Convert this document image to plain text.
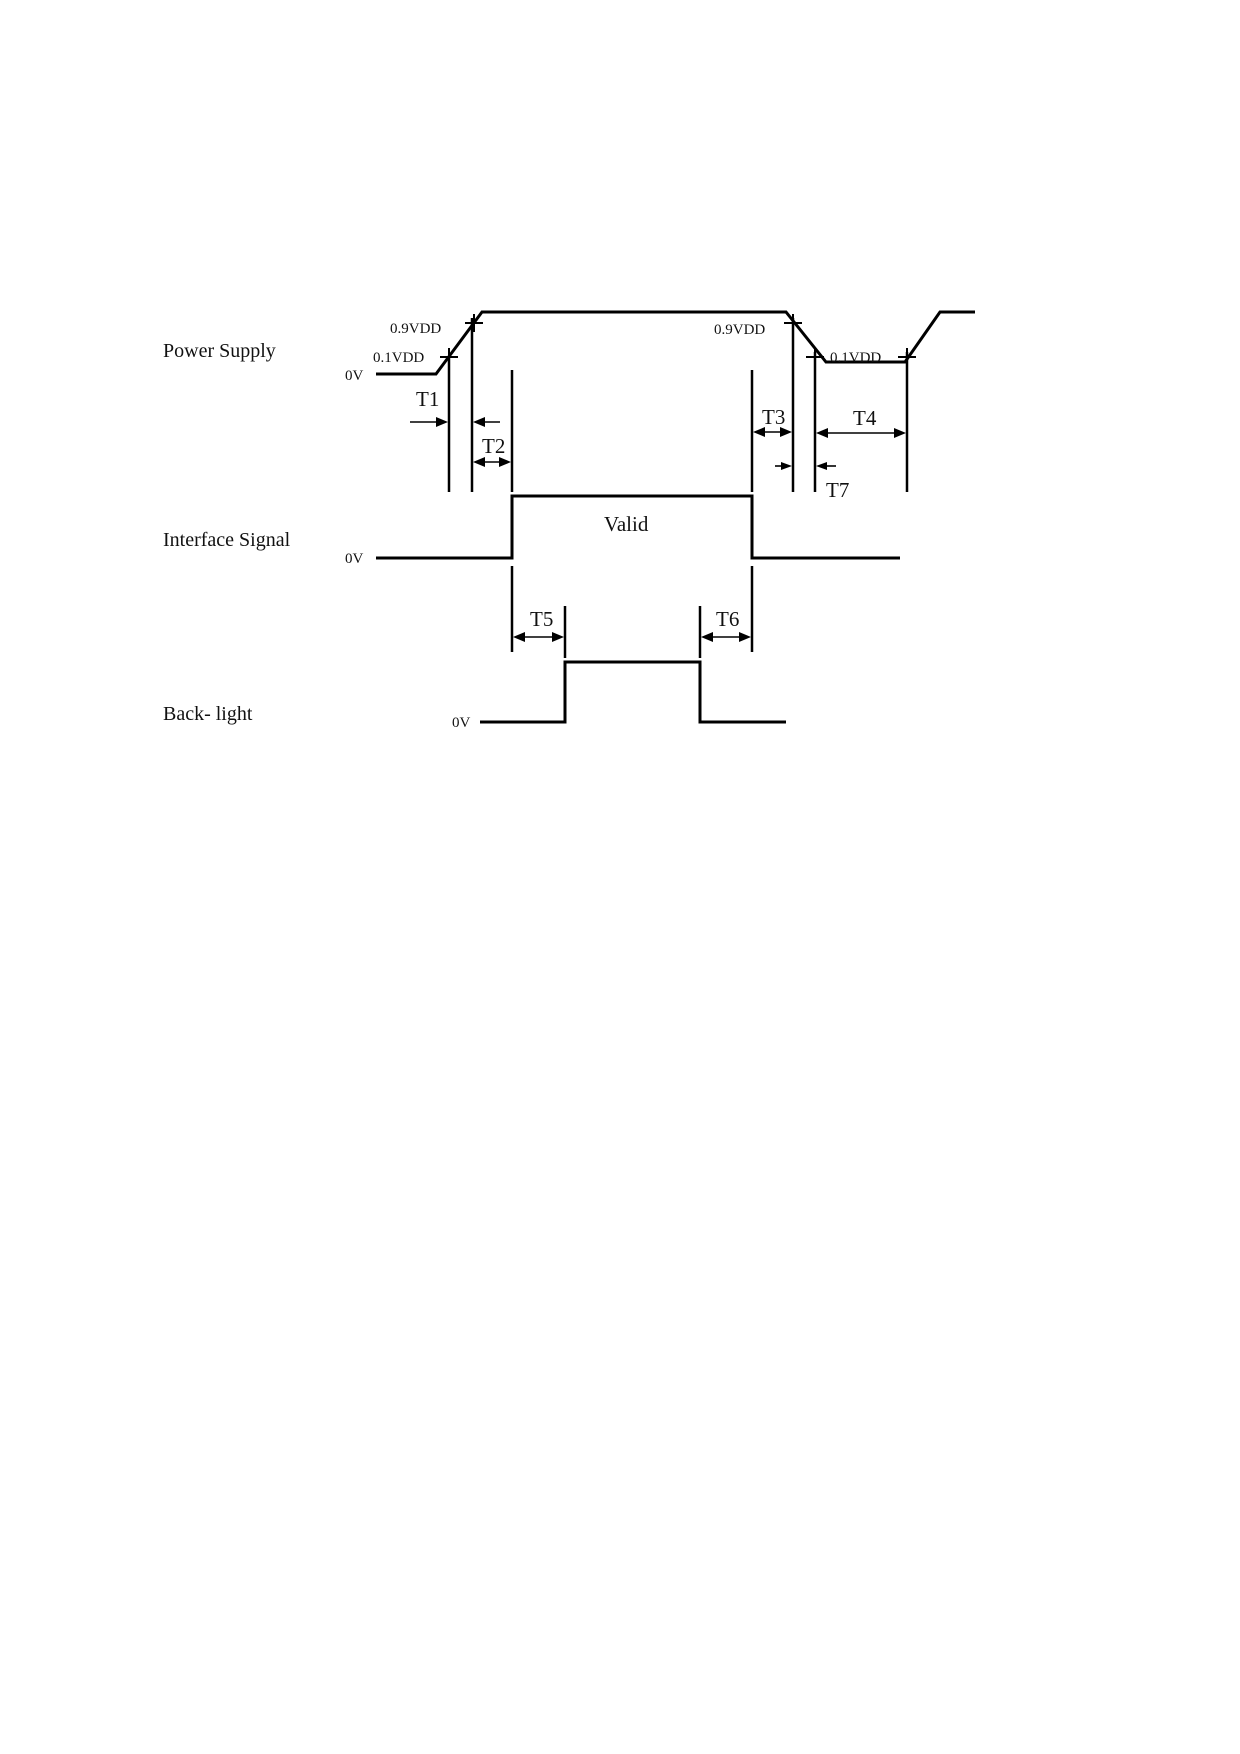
Power Supply
Interface Signal
Back- light
0V
0.9VDD
0.1VDD
0.9VDD
0.1VDD
T1
T2
T3	T4
T7
0V
Valid
T5	T6
0V
